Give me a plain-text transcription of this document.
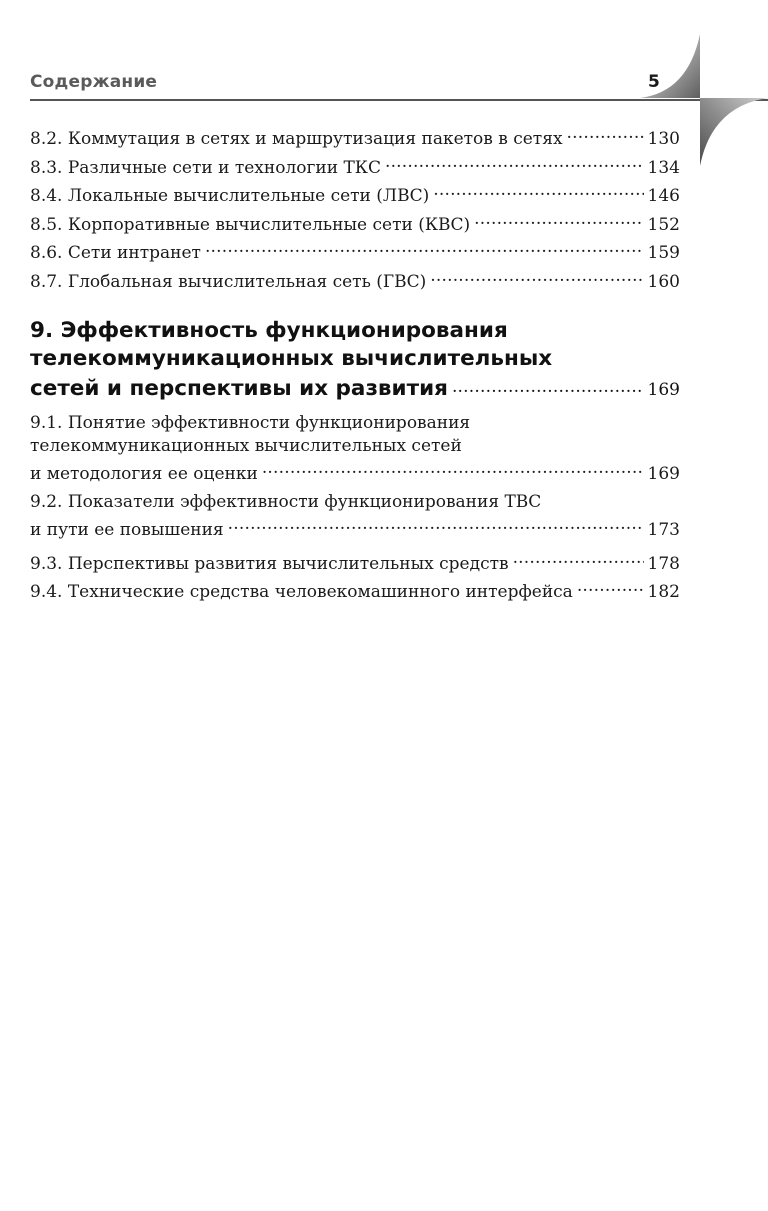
Содержание	5
8.2. Коммутация в сетях и маршрутизация пакетов в сетях . . .	130
8.3. Различные сети и технологии ТКС . . .	134
8.4. Локальные вычислительные сети (ЛВС) . . .	146
8.5. Корпоративные вычислительные сети (КВС) . . .	152
8.6. Сети интранет . . .	159
8.7. Глобальная вычислительная сеть (ГВС) . . .	160
9. Эффективность функционирования
телекоммуникационных вычислительных
сетей и перспективы их развития . . .	169
9.1. Понятие эффективности функционирования
телекоммуникационных вычислительных сетей
и методология ее оценки . . .	169
9.2. Показатели эффективности функционирования ТВС
и пути ее повышения . . .	173
9.3. Перспективы развития вычислительных средств . . .	178
9.4. Технические средства человекомашинного интерфейса . . .	182
